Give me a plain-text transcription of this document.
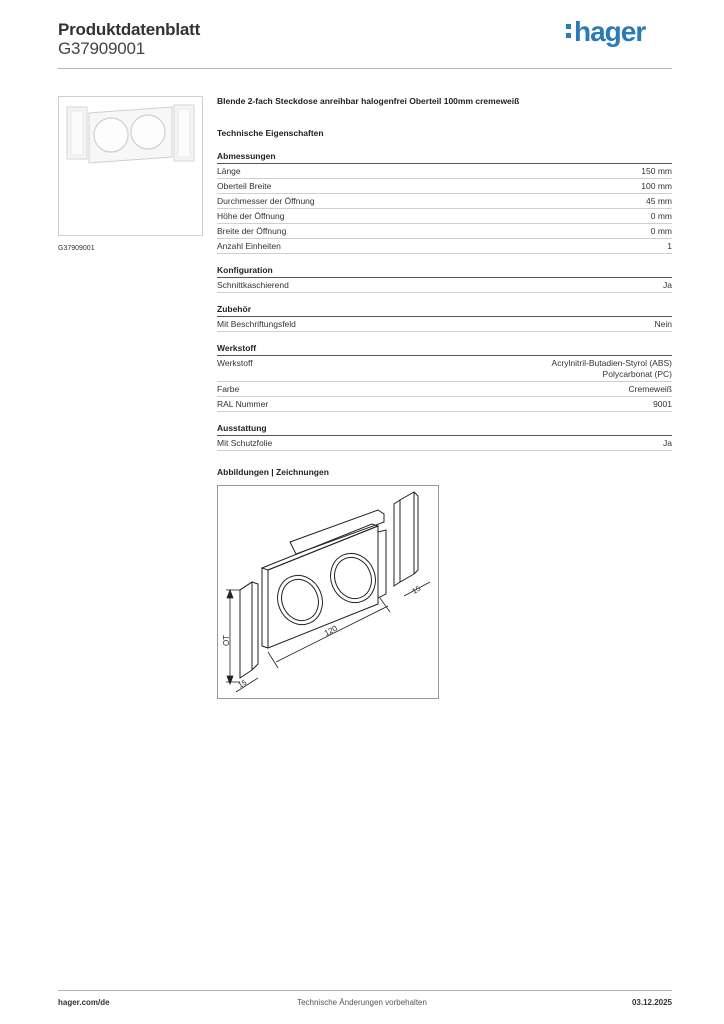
Produktdatenblatt
G37909001
hager
G37909001
Blende 2-fach Steckdose anreihbar halogenfrei Oberteil 100mm cremeweiß
Technische Eigenschaften
Abmessungen
Länge	150 mm
Oberteil Breite	100 mm
Durchmesser der Öffnung	45 mm
Höhe der Öffnung	0 mm
Breite der Öffnung	0 mm
Anzahl Einheiten	1
Konfiguration
Schnittkaschierend	Ja
Zubehör
Mit Beschriftungsfeld	Nein
Werkstoff
Werkstoff	Acrylnitril-Butadien-Styrol (ABS)
Polycarbonat (PC)
Farbe	Cremeweiß
RAL Nummer	9001
Ausstattung
Mit Schutzfolie	Ja
Abbildungen | Zeichnungen
OT
120
15
15
hager.com/de	Technische Änderungen vorbehalten	03.12.2025
